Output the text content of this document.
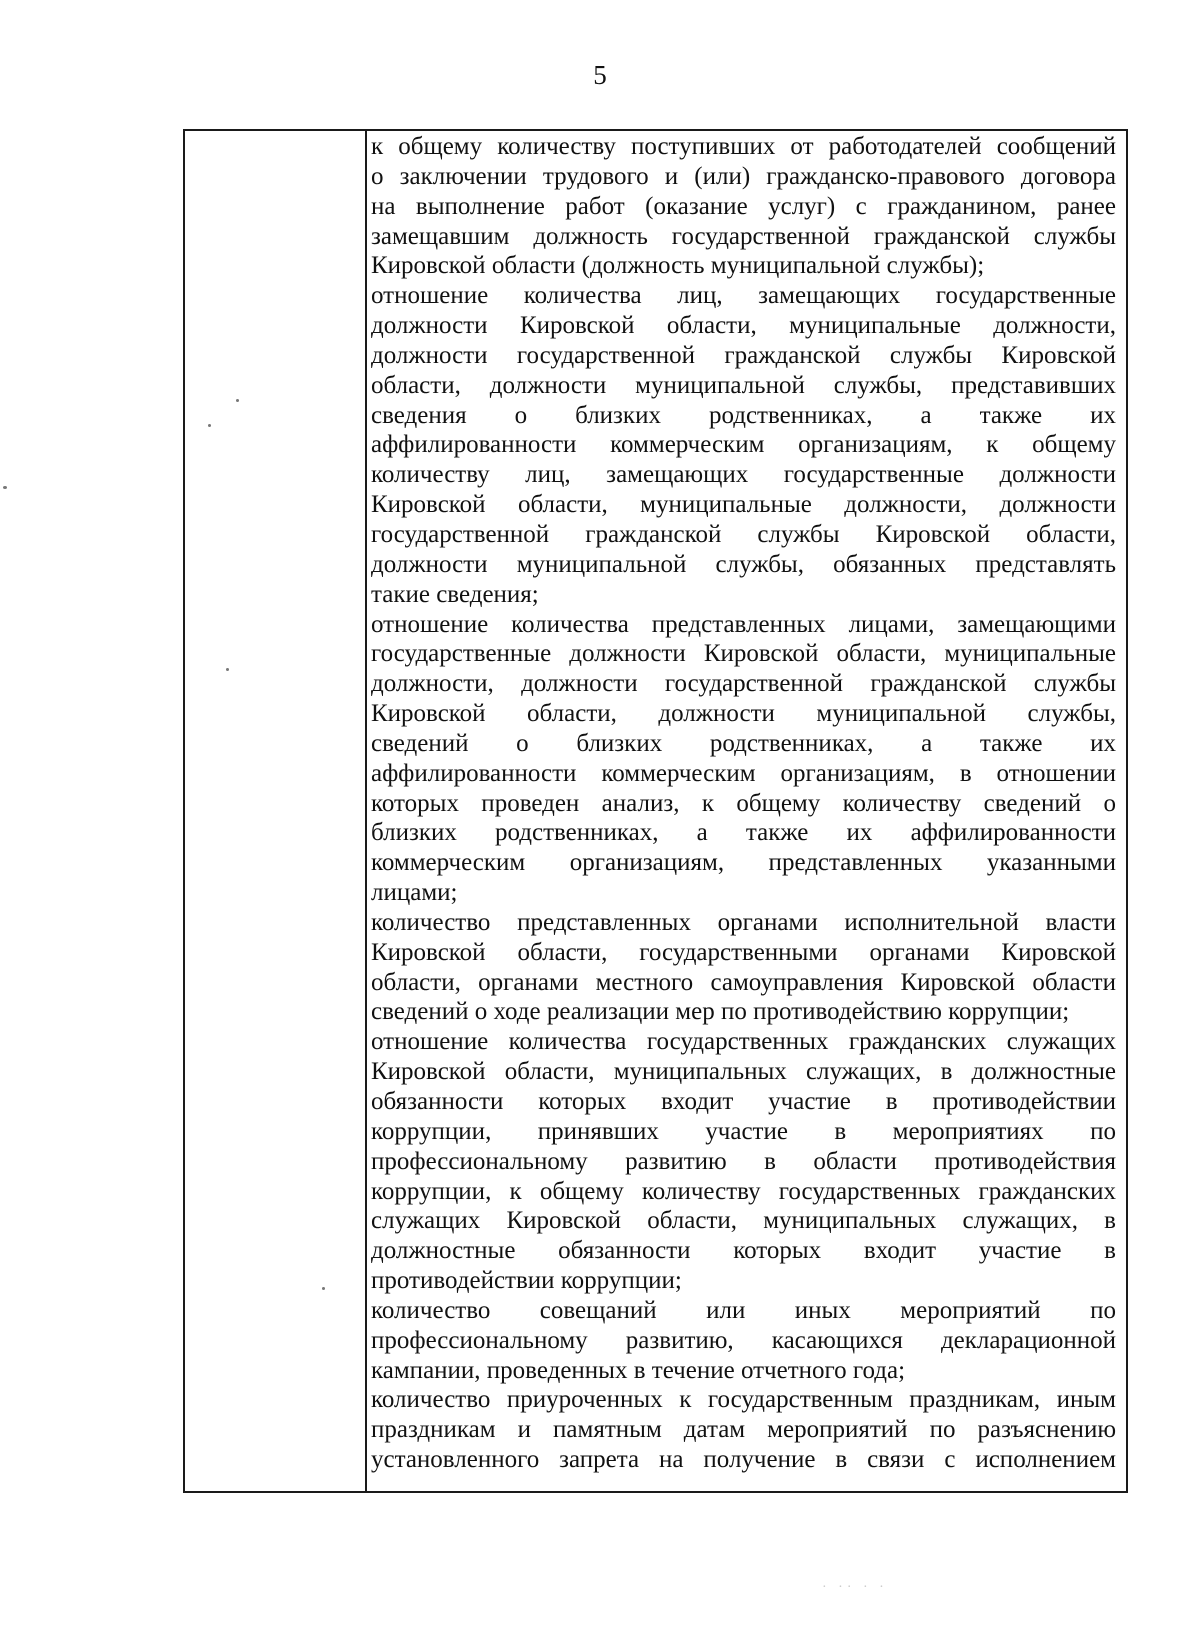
5
к общему количеству поступивших от работодателей сообщений
о заключении трудового и (или) гражданско-правового договора
на выполнение работ (оказание услуг) с гражданином, ранее
замещавшим должность государственной гражданской службы
Кировской области (должность муниципальной службы);
отношение количества лиц, замещающих государственные
должности Кировской области, муниципальные должности,
должности государственной гражданской службы Кировской
области, должности муниципальной службы, представивших
сведения о близких родственниках, а также их
аффилированности коммерческим организациям, к общему
количеству лиц, замещающих государственные должности
Кировской области, муниципальные должности, должности
государственной гражданской службы Кировской области,
должности муниципальной службы, обязанных представлять
такие сведения;
отношение количества представленных лицами, замещающими
государственные должности Кировской области, муниципальные
должности, должности государственной гражданской службы
Кировской области, должности муниципальной службы,
сведений о близких родственниках, а также их
аффилированности коммерческим организациям, в отношении
которых проведен анализ, к общему количеству сведений о
близких родственниках, а также их аффилированности
коммерческим организациям, представленных указанными
лицами;
количество представленных органами исполнительной власти
Кировской области, государственными органами Кировской
области, органами местного самоуправления Кировской области
сведений о ходе реализации мер по противодействию коррупции;
отношение количества государственных гражданских служащих
Кировской области, муниципальных служащих, в должностные
обязанности которых входит участие в противодействии
коррупции, принявших участие в мероприятиях по
профессиональному развитию в области противодействия
коррупции, к общему количеству государственных гражданских
служащих Кировской области, муниципальных служащих, в
должностные обязанности которых входит участие в
противодействии коррупции;
количество совещаний или иных мероприятий по
профессиональному развитию, касающихся декларационной
кампании, проведенных в течение отчетного года;
количество приуроченных к государственным праздникам, иным
праздникам и памятным датам мероприятий по разъяснению
установленного запрета на получение в связи с исполнением
· ·· · ·
